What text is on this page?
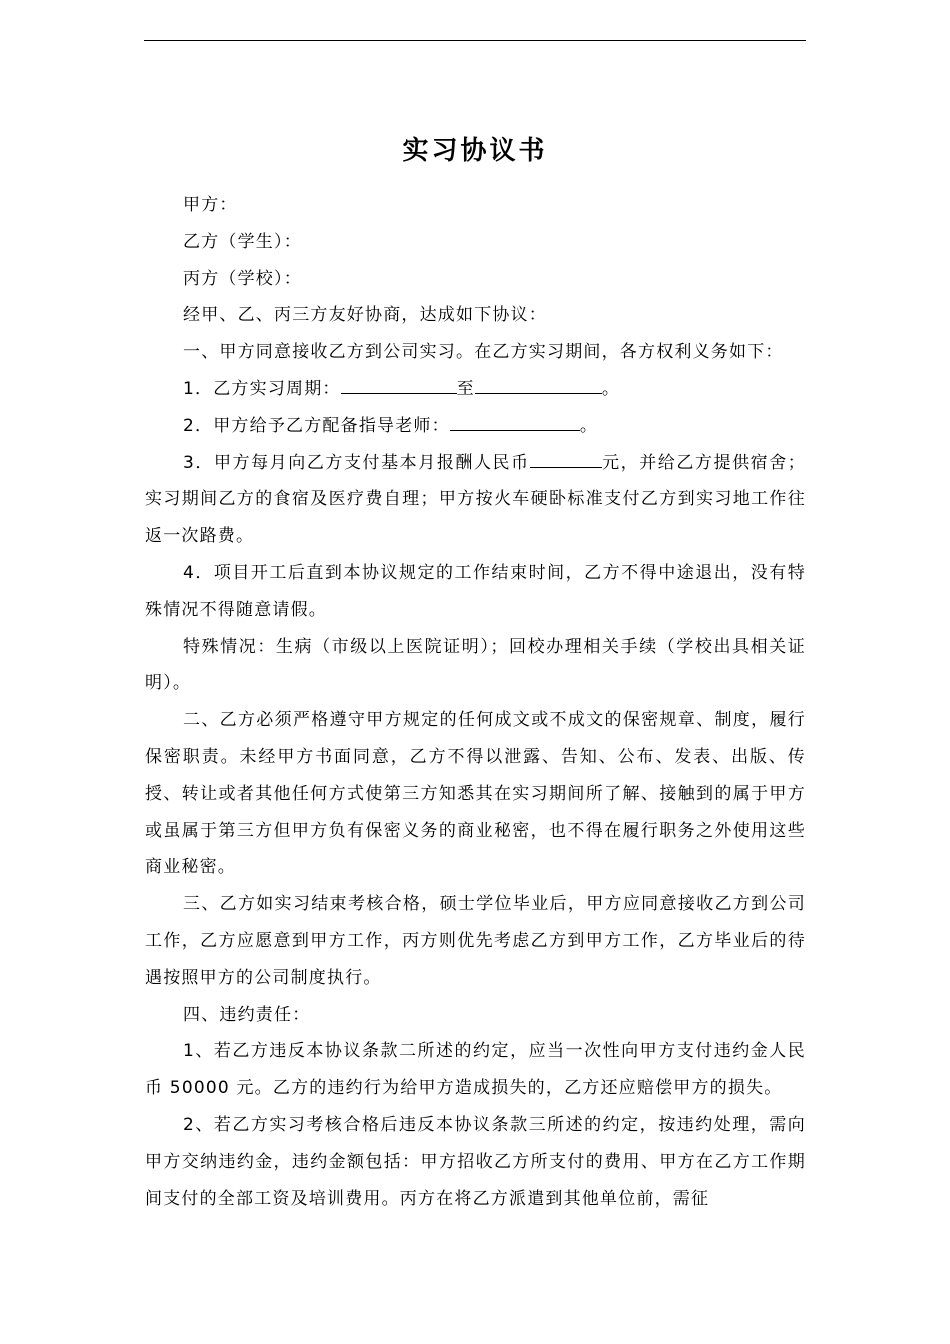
实习协议书

甲方：

乙方（学生）：

丙方（学校）：

经甲、乙、丙三方友好协商，达成如下协议：

一、甲方同意接收乙方到公司实习。在乙方实习期间，各方权利义务如下：

1．乙方实习周期：	至	。

2．甲方给予乙方配备指导老师：	。

3．甲方每月向乙方支付基本月报酬人民币	元，并给乙方提供宿舍；实习期间乙方的食宿及医疗费自理；甲方按火车硬卧标准支付乙方到实习地工作往返一次路费。

4．项目开工后直到本协议规定的工作结束时间，乙方不得中途退出，没有特殊情况不得随意请假。

特殊情况：生病（市级以上医院证明）；回校办理相关手续（学校出具相关证明）。

二、乙方必须严格遵守甲方规定的任何成文或不成文的保密规章、制度，履行保密职责。未经甲方书面同意，乙方不得以泄露、告知、公布、发表、出版、传授、转让或者其他任何方式使第三方知悉其在实习期间所了解、接触到的属于甲方或虽属于第三方但甲方负有保密义务的商业秘密，也不得在履行职务之外使用这些商业秘密。

三、乙方如实习结束考核合格，硕士学位毕业后，甲方应同意接收乙方到公司工作，乙方应愿意到甲方工作，丙方则优先考虑乙方到甲方工作，乙方毕业后的待遇按照甲方的公司制度执行。

四、违约责任：

1、若乙方违反本协议条款二所述的约定，应当一次性向甲方支付违约金人民币 50000 元。乙方的违约行为给甲方造成损失的，乙方还应赔偿甲方的损失。

2、若乙方实习考核合格后违反本协议条款三所述的约定，按违约处理，需向甲方交纳违约金，违约金额包括：甲方招收乙方所支付的费用、甲方在乙方工作期间支付的全部工资及培训费用。丙方在将乙方派遣到其他单位前，需征
